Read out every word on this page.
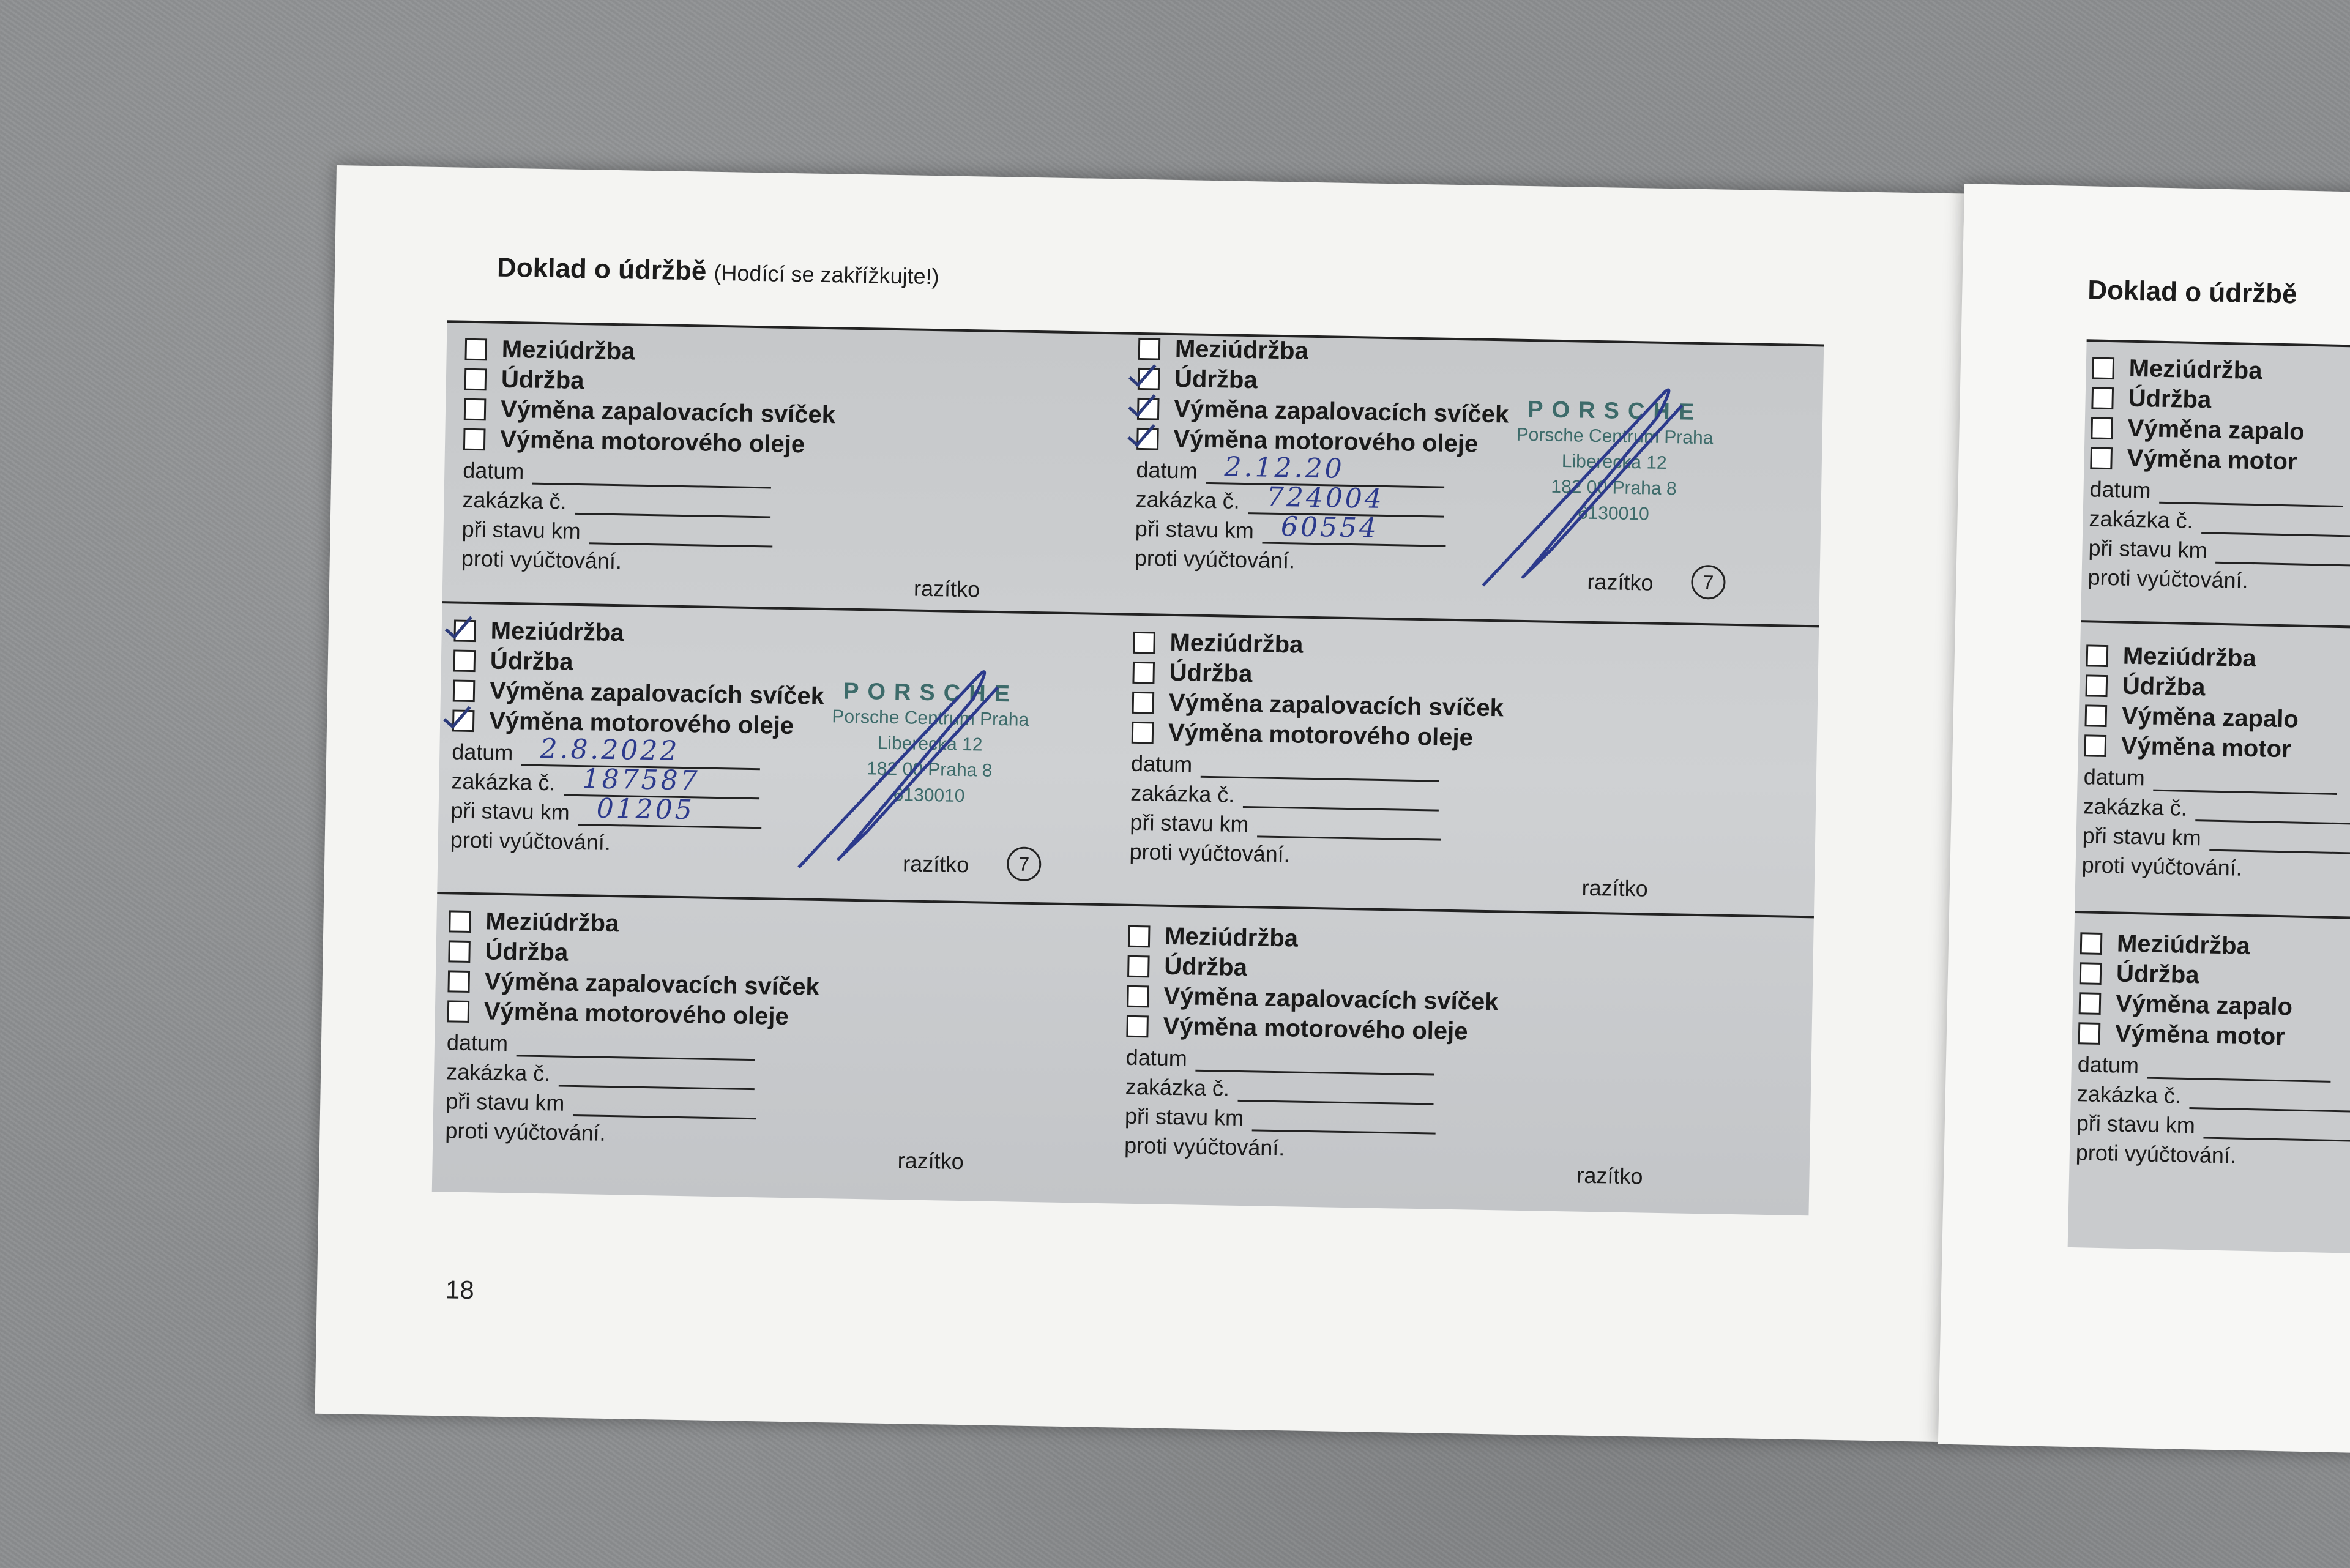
Doklad o údržbě (Hodící se zakřížkujte!)
Meziúdržba
Údržba
Výměna zapalovacích svíček
Výměna motorového oleje
datum
zakázka č.
při stavu km
proti vyúčtování.
razítko
Meziúdržba
Údržba
Výměna zapalovacích svíček
Výměna motorového oleje
datum 2.12.20
zakázka č. 724004
při stavu km 60554
proti vyúčtování.
razítko
PORSCHE
Porsche Centrum Praha
Liberecká 12
182 00 Praha 8
6130010
7
Meziúdržba
Údržba
Výměna zapalovacích svíček
Výměna motorového oleje
datum 2.8.2022
zakázka č. 187587
při stavu km 01205
proti vyúčtování.
razítko
PORSCHE
Porsche Centrum Praha
Liberecká 12
182 00 Praha 8
6130010
7
Meziúdržba
Údržba
Výměna zapalovacích svíček
Výměna motorového oleje
datum
zakázka č.
při stavu km
proti vyúčtování.
razítko
Meziúdržba
Údržba
Výměna zapalovacích svíček
Výměna motorového oleje
datum
zakázka č.
při stavu km
proti vyúčtování.
razítko
Meziúdržba
Údržba
Výměna zapalovacích svíček
Výměna motorového oleje
datum
zakázka č.
při stavu km
proti vyúčtování.
razítko
18
Doklad o údržbě
Meziúdržba
Údržba
Výměna zapalo
Výměna motor
datum
zakázka č.
při stavu km
proti vyúčtování.
Meziúdržba
Údržba
Výměna zapalo
Výměna motor
datum
zakázka č.
při stavu km
proti vyúčtování.
Meziúdržba
Údržba
Výměna zapalo
Výměna motor
datum
zakázka č.
při stavu km
proti vyúčtování.
